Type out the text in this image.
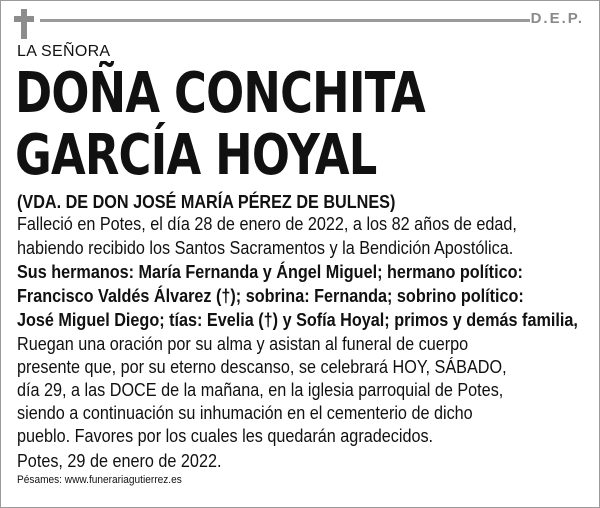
D.E.P.
LA SEÑORA
DOÑA CONCHITA
GARCÍA HOYAL
(VDA. DE DON JOSÉ MARÍA PÉREZ DE BULNES)
Falleció en Potes, el día 28 de enero de 2022, a los 82 años de edad,
habiendo recibido los Santos Sacramentos y la Bendición Apostólica.
Sus hermanos: María Fernanda y Ángel Miguel; hermano político:
Francisco Valdés Álvarez (†); sobrina: Fernanda; sobrino político:
José Miguel Diego; tías: Evelia (†) y Sofía Hoyal; primos y demás familia,
Ruegan una oración por su alma y asistan al funeral de cuerpo
presente que, por su eterno descanso, se celebrará HOY, SÁBADO,
día 29, a las DOCE de la mañana, en la iglesia parroquial de Potes,
siendo a continuación su inhumación en el cementerio de dicho
pueblo. Favores por los cuales les quedarán agradecidos.
Potes, 29 de enero de 2022.
Pésames: www.funerariagutierrez.es
